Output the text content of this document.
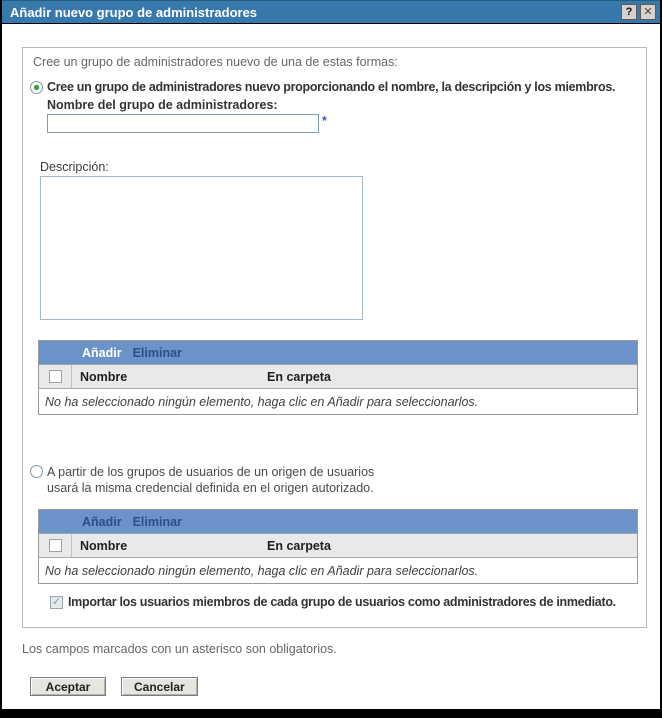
Añadir nuevo grupo de administradores	? ✕
Cree un grupo de administradores nuevo de una de estas formas:
Cree un grupo de administradores nuevo proporcionando el nombre, la descripción y los miembros.
Nombre del grupo de administradores:
*
Descripción:
Añadir Eliminar
Nombre	En carpeta
No ha seleccionado ningún elemento, haga clic en Añadir para seleccionarlos.
A partir de los grupos de usuarios de un origen de usuarios
usará la misma credencial definida en el origen autorizado.
Añadir Eliminar
Nombre	En carpeta
No ha seleccionado ningún elemento, haga clic en Añadir para seleccionarlos.
✓ Importar los usuarios miembros de cada grupo de usuarios como administradores de inmediato.
Los campos marcados con un asterisco son obligatorios.
Aceptar	Cancelar
